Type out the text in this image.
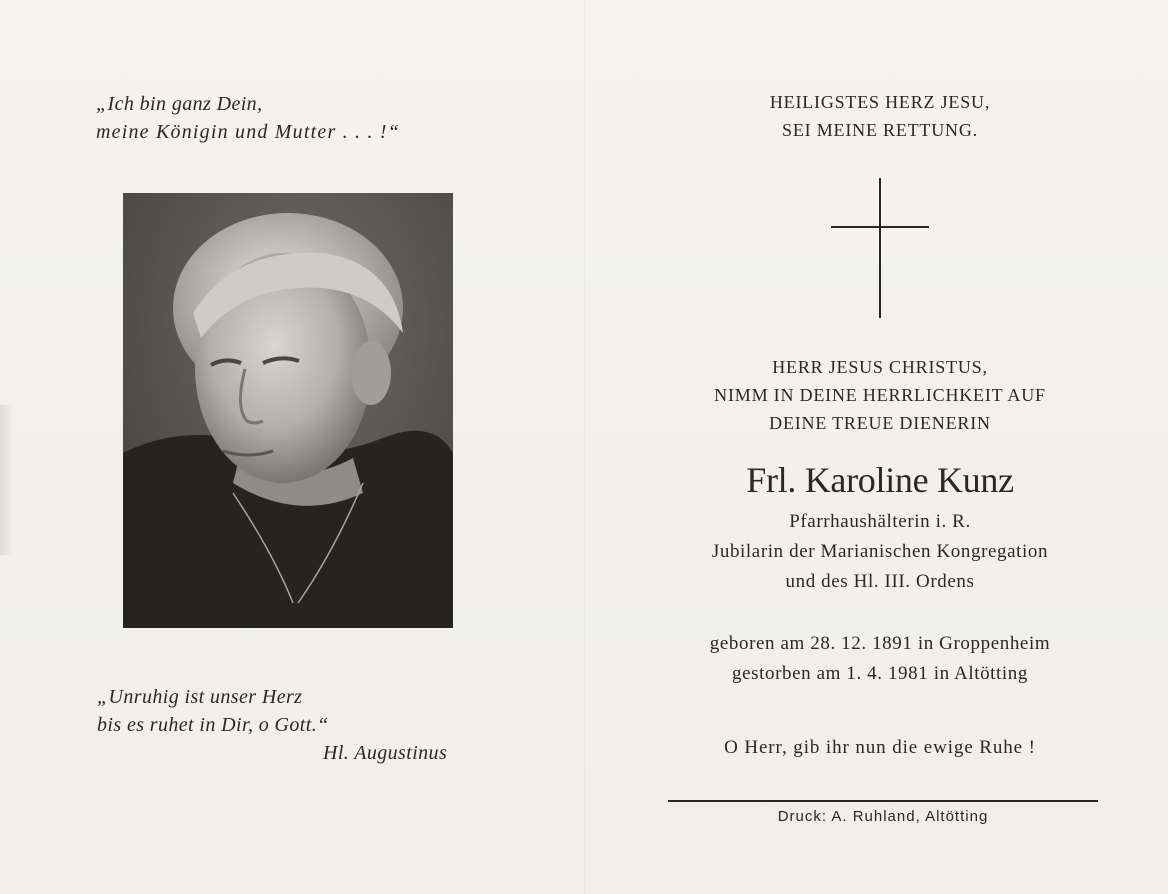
„Ich bin ganz Dein,
meine Königin und Mutter . . . !“
„Unruhig ist unser Herz
bis es ruhet in Dir, o Gott.“
Hl. Augustinus
HEILIGSTES HERZ JESU,
SEI MEINE RETTUNG.
HERR JESUS CHRISTUS,
NIMM IN DEINE HERRLICHKEIT AUF
DEINE TREUE DIENERIN
Frl. Karoline Kunz
Pfarrhaushälterin i. R.
Jubilarin der Marianischen Kongregation
und des Hl. III. Ordens
geboren am 28. 12. 1891 in Groppenheim
gestorben am 1. 4. 1981 in Altötting
O Herr, gib ihr nun die ewige Ruhe !
Druck: A. Ruhland, Altötting
